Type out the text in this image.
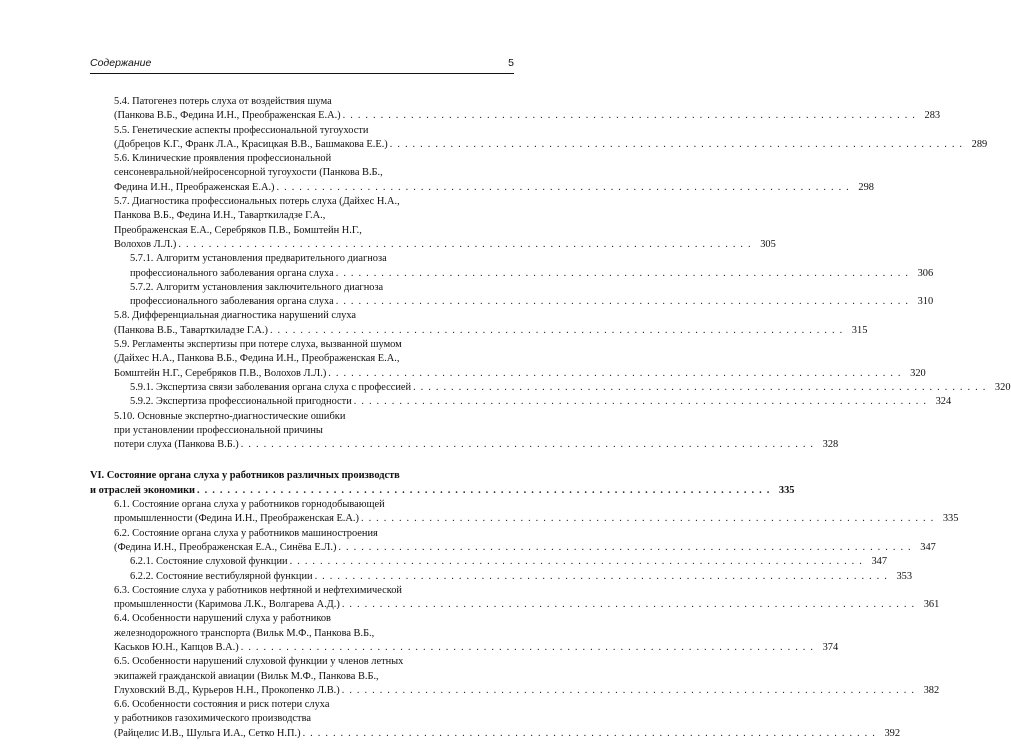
Содержание	5
5.4. Патогенез потерь слуха от воздействия шума
(Панкова В.Б., Федина И.Н., Преображенская Е.А.) . . . . . . . . . . . . . . . . . . . . . . . . . . . . . . . . . . . . . . . . . . . . . . . . . . . . . . . . . . . . . . . . . . . . . . . . . . . . 283
5.5. Генетические аспекты профессиональной тугоухости
(Добрецов К.Г., Франк Л.А., Красицкая В.В., Башмакова Е.Е.) . . . . . . . . . . . . . . . . . . . . . . . . . . . . . . . . . . . . . . . . . . . . . . . . . . . . . . . . . . . . . . . . . . . . . . . . . . . . 289
5.6. Клинические проявления профессиональной
сенсоневральной/нейросенсорной тугоухости (Панкова В.Б.,
Федина И.Н., Преображенская Е.А.) . . . . . . . . . . . . . . . . . . . . . . . . . . . . . . . . . . . . . . . . . . . . . . . . . . . . . . . . . . . . . . . . . . . . . . . . . . . . 298
5.7. Диагностика профессиональных потерь слуха (Дайхес Н.А.,
Панкова В.Б., Федина И.Н., Таварткиладзе Г.А.,
Преображенская Е.А., Серебряков П.В., Бомштейн Н.Г.,
Волохов Л.Л.) . . . . . . . . . . . . . . . . . . . . . . . . . . . . . . . . . . . . . . . . . . . . . . . . . . . . . . . . . . . . . . . . . . . . . . . . . . . . 305
5.7.1. Алгоритм установления предварительного диагноза
профессионального заболевания органа слуха . . . . . . . . . . . . . . . . . . . . . . . . . . . . . . . . . . . . . . . . . . . . . . . . . . . . . . . . . . . . . . . . . . . . . . . . . . . . 306
5.7.2. Алгоритм установления заключительного диагноза
профессионального заболевания органа слуха . . . . . . . . . . . . . . . . . . . . . . . . . . . . . . . . . . . . . . . . . . . . . . . . . . . . . . . . . . . . . . . . . . . . . . . . . . . . 310
5.8. Дифференциальная диагностика нарушений слуха
(Панкова В.Б., Таварткиладзе Г.А.) . . . . . . . . . . . . . . . . . . . . . . . . . . . . . . . . . . . . . . . . . . . . . . . . . . . . . . . . . . . . . . . . . . . . . . . . . . . . 315
5.9. Регламенты экспертизы при потере слуха, вызванной шумом
(Дайхес Н.А., Панкова В.Б., Федина И.Н., Преображенская Е.А.,
Бомштейн Н.Г., Серебряков П.В., Волохов Л.Л.) . . . . . . . . . . . . . . . . . . . . . . . . . . . . . . . . . . . . . . . . . . . . . . . . . . . . . . . . . . . . . . . . . . . . . . . . . . . . 320
5.9.1. Экспертиза связи заболевания органа слуха с профессией . . . . . . . . . . . . . . . . . . . . . . . . . . . . . . . . . . . . . . . . . . . . . . . . . . . . . . . . . . . . . . . . . . . . . . . . . . . . 320
5.9.2. Экспертиза профессиональной пригодности . . . . . . . . . . . . . . . . . . . . . . . . . . . . . . . . . . . . . . . . . . . . . . . . . . . . . . . . . . . . . . . . . . . . . . . . . . . . 324
5.10. Основные экспертно-диагностические ошибки
при установлении профессиональной причины
потери слуха (Панкова В.Б.) . . . . . . . . . . . . . . . . . . . . . . . . . . . . . . . . . . . . . . . . . . . . . . . . . . . . . . . . . . . . . . . . . . . . . . . . . . . . 328
VI. Состояние органа слуха у работников различных производств
и отраслей экономики . . . . . . . . . . . . . . . . . . . . . . . . . . . . . . . . . . . . . . . . . . . . . . . . . . . . . . . . . . . . . . . . . . . . . . . . . . . . 335
6.1. Состояние органа слуха у работников горнодобывающей
промышленности (Федина И.Н., Преображенская Е.А.) . . . . . . . . . . . . . . . . . . . . . . . . . . . . . . . . . . . . . . . . . . . . . . . . . . . . . . . . . . . . . . . . . . . . . . . . . . . . 335
6.2. Состояние органа слуха у работников машиностроения
(Федина И.Н., Преображенская Е.А., Синёва Е.Л.) . . . . . . . . . . . . . . . . . . . . . . . . . . . . . . . . . . . . . . . . . . . . . . . . . . . . . . . . . . . . . . . . . . . . . . . . . . . . 347
6.2.1. Состояние слуховой функции . . . . . . . . . . . . . . . . . . . . . . . . . . . . . . . . . . . . . . . . . . . . . . . . . . . . . . . . . . . . . . . . . . . . . . . . . . . . 347
6.2.2. Состояние вестибулярной функции . . . . . . . . . . . . . . . . . . . . . . . . . . . . . . . . . . . . . . . . . . . . . . . . . . . . . . . . . . . . . . . . . . . . . . . . . . . . 353
6.3. Состояние слуха у работников нефтяной и нефтехимической
промышленности (Каримова Л.К., Волгарева А.Д.) . . . . . . . . . . . . . . . . . . . . . . . . . . . . . . . . . . . . . . . . . . . . . . . . . . . . . . . . . . . . . . . . . . . . . . . . . . . . 361
6.4. Особенности нарушений слуха у работников
железнодорожного транспорта (Вильк М.Ф., Панкова В.Б.,
Каськов Ю.Н., Капцов В.А.) . . . . . . . . . . . . . . . . . . . . . . . . . . . . . . . . . . . . . . . . . . . . . . . . . . . . . . . . . . . . . . . . . . . . . . . . . . . . 374
6.5. Особенности нарушений слуховой функции у членов летных
экипажей гражданской авиации (Вильк М.Ф., Панкова В.Б.,
Глуховский В.Д., Курьеров Н.Н., Прокопенко Л.В.) . . . . . . . . . . . . . . . . . . . . . . . . . . . . . . . . . . . . . . . . . . . . . . . . . . . . . . . . . . . . . . . . . . . . . . . . . . . . 382
6.6. Особенности состояния и риск потери слуха
у работников газохимического производства
(Райцелис И.В., Шульга И.А., Сетко Н.П.) . . . . . . . . . . . . . . . . . . . . . . . . . . . . . . . . . . . . . . . . . . . . . . . . . . . . . . . . . . . . . . . . . . . . . . . . . . . . 392
